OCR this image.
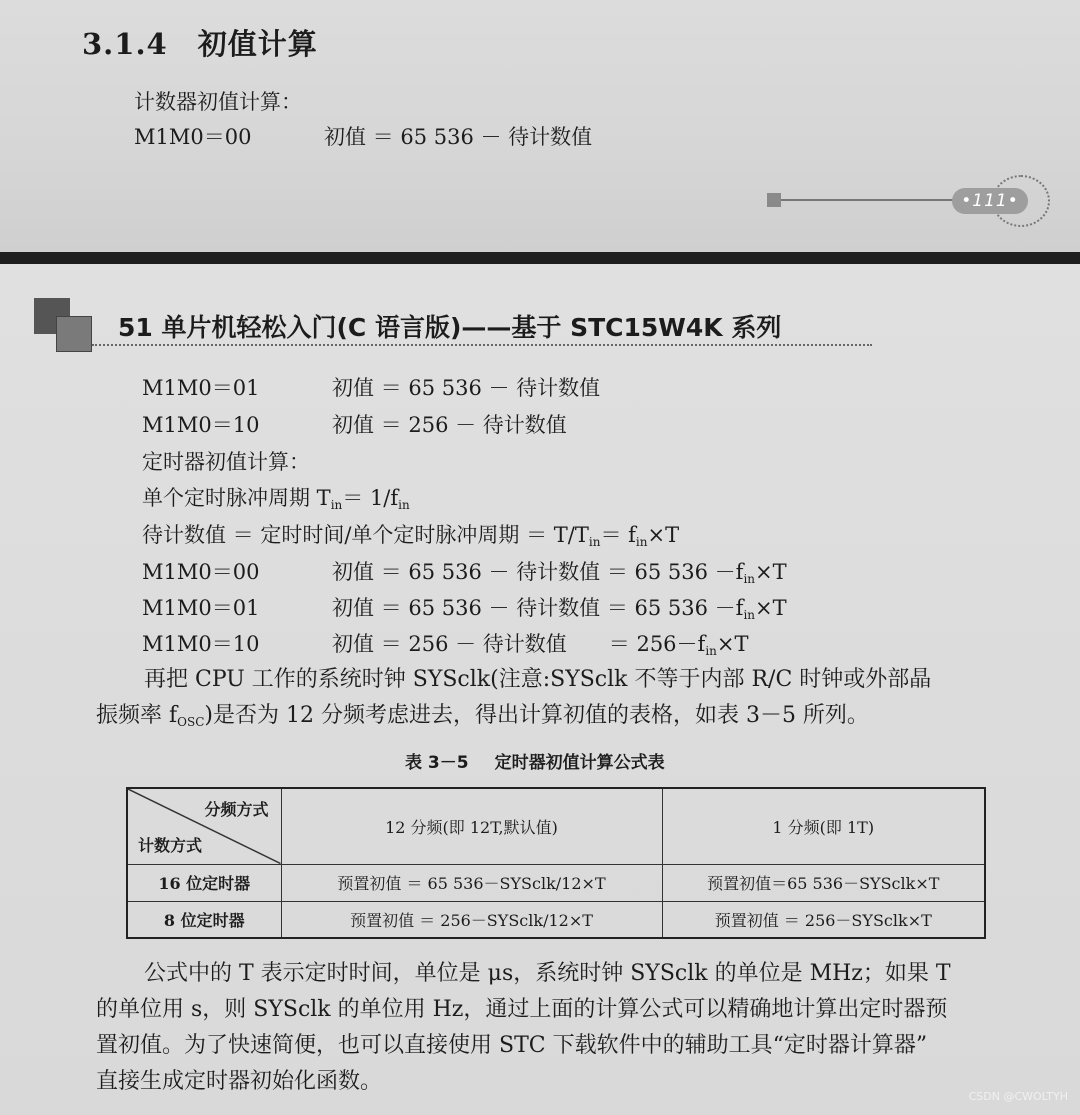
3.1.4 初值计算
计数器初值计算：
M1M0＝00	初值 ＝ 65 536 － 待计数值
•111•
51 单片机轻松入门(C 语言版)——基于 STC15W4K 系列
M1M0＝01	初值 ＝ 65 536 － 待计数值
M1M0＝10	初值 ＝ 256 － 待计数值
定时器初值计算：
单个定时脉冲周期 $T_{in}= 1/f_{in}$
待计数值 ＝ 定时时间/单个定时脉冲周期 ＝ $T/T_{in}= f_{in}\times T$
M1M0＝00	初值 ＝ 65 536 － 待计数值 ＝ 65 $536 -f_{in}\times T$
M1M0＝01	初值 ＝ 65 536 － 待计数值 ＝ 65 $536 -f_{in}\times T$
M1M0＝10	初值 ＝ 256 － 待计数值　　＝ $256-f_{in}\times T$

再把 CPU 工作的系统时钟 SYSclk(注意:SYSclk 不等于内部 R/C 时钟或外部晶

振频率 $f_{OSC}$)是否为 12 分频考虑进去，得出计算初值的表格，如表 3－5 所列。

表 3－5 定时器初值计算公式表
分频方式
计数方式	12 分频(即 12T,默认值)	1 分频(即 1T)
16 位定时器	预置初值 ＝ 65 536－SYSclk/12×T	预置初值＝65 536－SYSclk×T
8 位定时器	预置初值 ＝ 256－SYSclk/12×T	预置初值 ＝ 256－SYSclk×T

公式中的 T 表示定时时间，单位是 μs，系统时钟 SYSclk 的单位是 MHz；如果 T

的单位用 s，则 SYSclk 的单位用 Hz，通过上面的计算公式可以精确地计算出定时器预

置初值。为了快速简便，也可以直接使用 STC 下载软件中的辅助工具“定时器计算器”

直接生成定时器初始化函数。

CSDN @CWOLTYH
